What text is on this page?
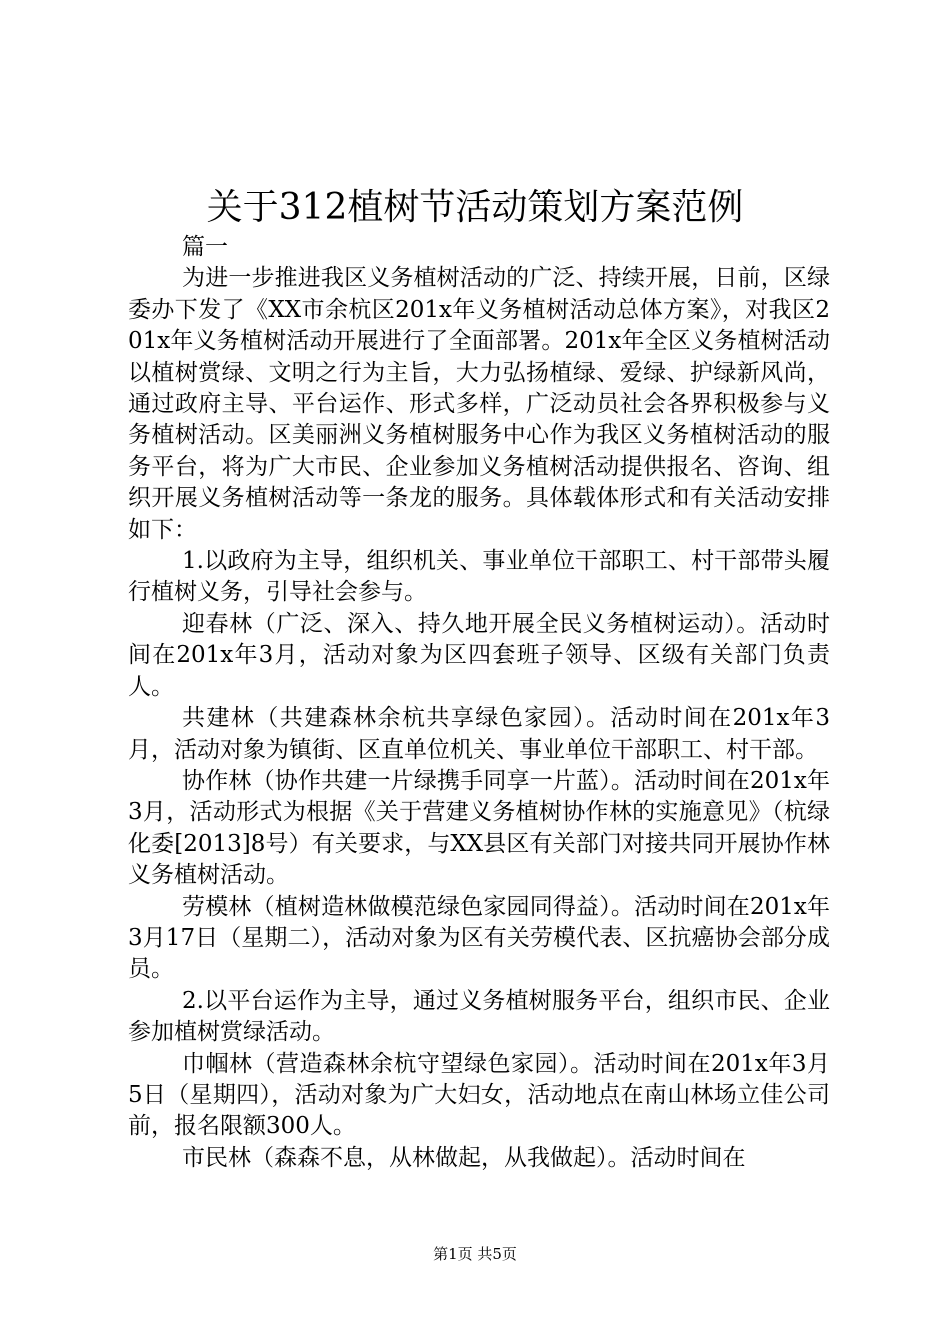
关于312植树节活动策划方案范例

篇一

为进一步推进我区义务植树活动的广泛、持续开展，日前，区绿委办下发了《XX市余杭区201x年义务植树活动总体方案》，对我区201x年义务植树活动开展进行了全面部署。201x年全区义务植树活动以植树赏绿、文明之行为主旨，大力弘扬植绿、爱绿、护绿新风尚，通过政府主导、平台运作、形式多样，广泛动员社会各界积极参与义务植树活动。区美丽洲义务植树服务中心作为我区义务植树活动的服务平台，将为广大市民、企业参加义务植树活动提供报名、咨询、组织开展义务植树活动等一条龙的服务。具体载体形式和有关活动安排如下：

1.以政府为主导，组织机关、事业单位干部职工、村干部带头履行植树义务，引导社会参与。

迎春林（广泛、深入、持久地开展全民义务植树运动）。活动时间在201x年3月，活动对象为区四套班子领导、区级有关部门负责人。

共建林（共建森林余杭共享绿色家园）。活动时间在201x年3月，活动对象为镇街、区直单位机关、事业单位干部职工、村干部。

协作林（协作共建一片绿携手同享一片蓝）。活动时间在201x年3月，活动形式为根据《关于营建义务植树协作林的实施意见》（杭绿化委[2013]8号）有关要求，与XX县区有关部门对接共同开展协作林义务植树活动。

劳模林（植树造林做模范绿色家园同得益）。活动时间在201x年3月17日（星期二），活动对象为区有关劳模代表、区抗癌协会部分成员。

2.以平台运作为主导，通过义务植树服务平台，组织市民、企业参加植树赏绿活动。

巾帼林（营造森林余杭守望绿色家园）。活动时间在201x年3月5日（星期四），活动对象为广大妇女，活动地点在南山林场立佳公司前，报名限额300人。

市民林（森森不息，从林做起，从我做起）。活动时间在

第1页 共5页
